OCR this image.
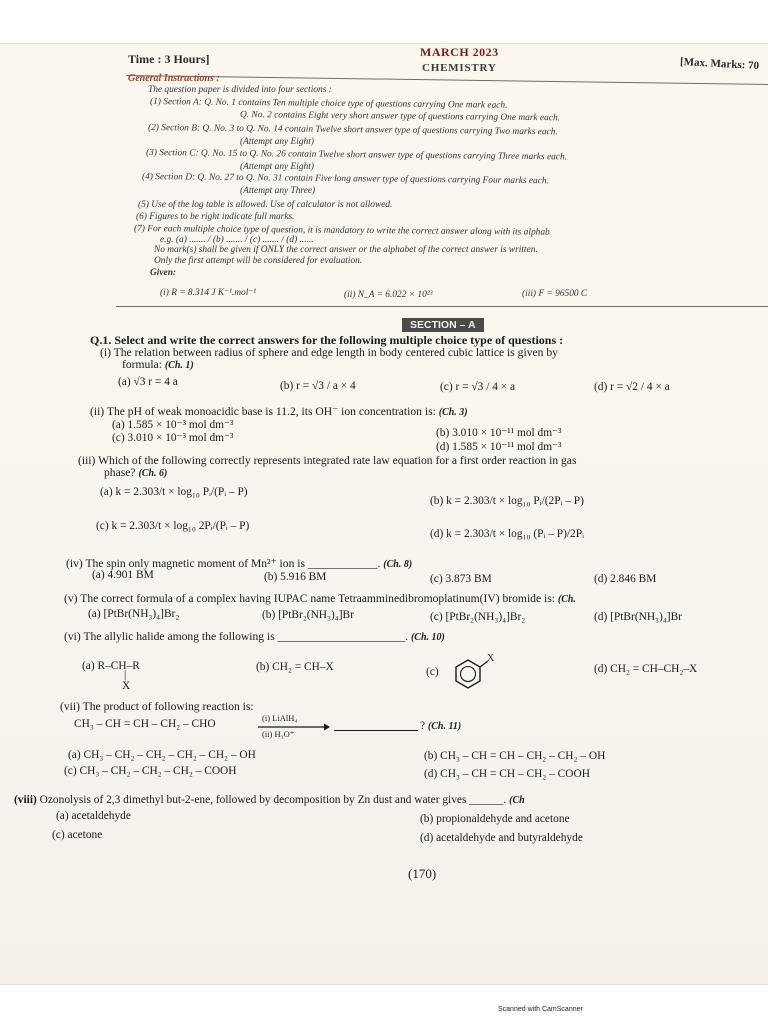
Time : 3 Hours]	MARCH 2023
CHEMISTRY	[Max. Marks: 70
General Instructions :
The question paper is divided into four sections :
(1) Section A: Q. No. 1 contains Ten multiple choice type of questions carrying One mark each.
Q. No. 2 contains Eight very short answer type of questions carrying One mark each.
(2) Section B: Q. No. 3 to Q. No. 14 contain Twelve short answer type of questions carrying Two marks each.
(Attempt any Eight)
(3) Section C: Q. No. 15 to Q. No. 26 contain Twelve short answer type of questions carrying Three marks each.
(Attempt any Eight)
(4) Section D: Q. No. 27 to Q. No. 31 contain Five long answer type of questions carrying Four marks each.
(Attempt any Three)
(5) Use of the log table is allowed. Use of calculator is not allowed.
(6) Figures to be right indicate full marks.
(7) For each multiple choice type of question, it is mandatory to write the correct answer along with its alphab
e.g. (a) ....... / (b) ....... / (c) ....... / (d) ......
No mark(s) shall be given if ONLY the correct answer or the alphabet of the correct answer is written.
Only the first attempt will be considered for evaluation.
Given:
(i) R = 8.314 J K⁻¹.mol⁻¹	(ii) N_A = 6.022 × 10²³	(iii) F = 96500 C
SECTION – A
Q.1. Select and write the correct answers for the following multiple choice type of questions :
(i) The relation between radius of sphere and edge length in body centered cubic lattice is given by
formula: (Ch. 1)
(a) √3 r = 4 a	(b) r = √3 / a × 4	(c) r = √3 / 4 × a	(d) r = √2 / 4 × a
(ii) The pH of weak monoacidic base is 11.2, its OH⁻ ion concentration is: (Ch. 3)
(a) 1.585 × 10⁻³ mol dm⁻³
(b) 3.010 × 10⁻¹¹ mol dm⁻³
(c) 3.010 × 10⁻³ mol dm⁻³
(d) 1.585 × 10⁻¹¹ mol dm⁻³
(iii) Which of the following correctly represents integrated rate law equation for a first order reaction in gas
phase? (Ch. 6)
(a) k = 2.303/t × log₁₀ Pᵢ/(Pᵢ – P)
(b) k = 2.303/t × log₁₀ Pᵢ/(2Pᵢ – P)
(c) k = 2.303/t × log₁₀ 2Pᵢ/(Pᵢ – P)
(d) k = 2.303/t × log₁₀ (Pᵢ – P)/2Pᵢ
(iv) The spin only magnetic moment of Mn²⁺ ion is ____________. (Ch. 8)
(a) 4.901 BM	(b) 5.916 BM	(c) 3.873 BM	(d) 2.846 BM
(v) The correct formula of a complex having IUPAC name Tetraamminedibromoplatinum(IV) bromide is: (Ch.
(a) [PtBr(NH₃)₄]Br₂	(b) [PtBr₂(NH₃)₄]Br	(c) [PtBr₂(NH₃)₄]Br₂	(d) [PtBr(NH₃)₄]Br
(vi) The allylic halide among the following is ______________________. (Ch. 10)
(a) R–CH–R
|
X
(b) CH₂ = CH–X	(c)
X
(d) CH₂ = CH–CH₂–X
(vii) The product of following reaction is:
CH₃ – CH = CH – CH₂ – CHO	(i) LiAlH₄
(ii) H₃O⁺
? (Ch. 11)
(a) CH₃ – CH₂ – CH₂ – CH₂ – CH₂ – OH	(b) CH₃ – CH = CH – CH₂ – CH₂ – OH
(c) CH₃ – CH₂ – CH₂ – CH₂ – COOH	(d) CH₃ – CH = CH – CH₂ – COOH
(viii) Ozonolysis of 2,3 dimethyl but-2-ene, followed by decomposition by Zn dust and water gives ______. (Ch
(a) acetaldehyde	(b) propionaldehyde and acetone
(c) acetone	(d) acetaldehyde and butyraldehyde
(170)
Scanned with CamScanner
